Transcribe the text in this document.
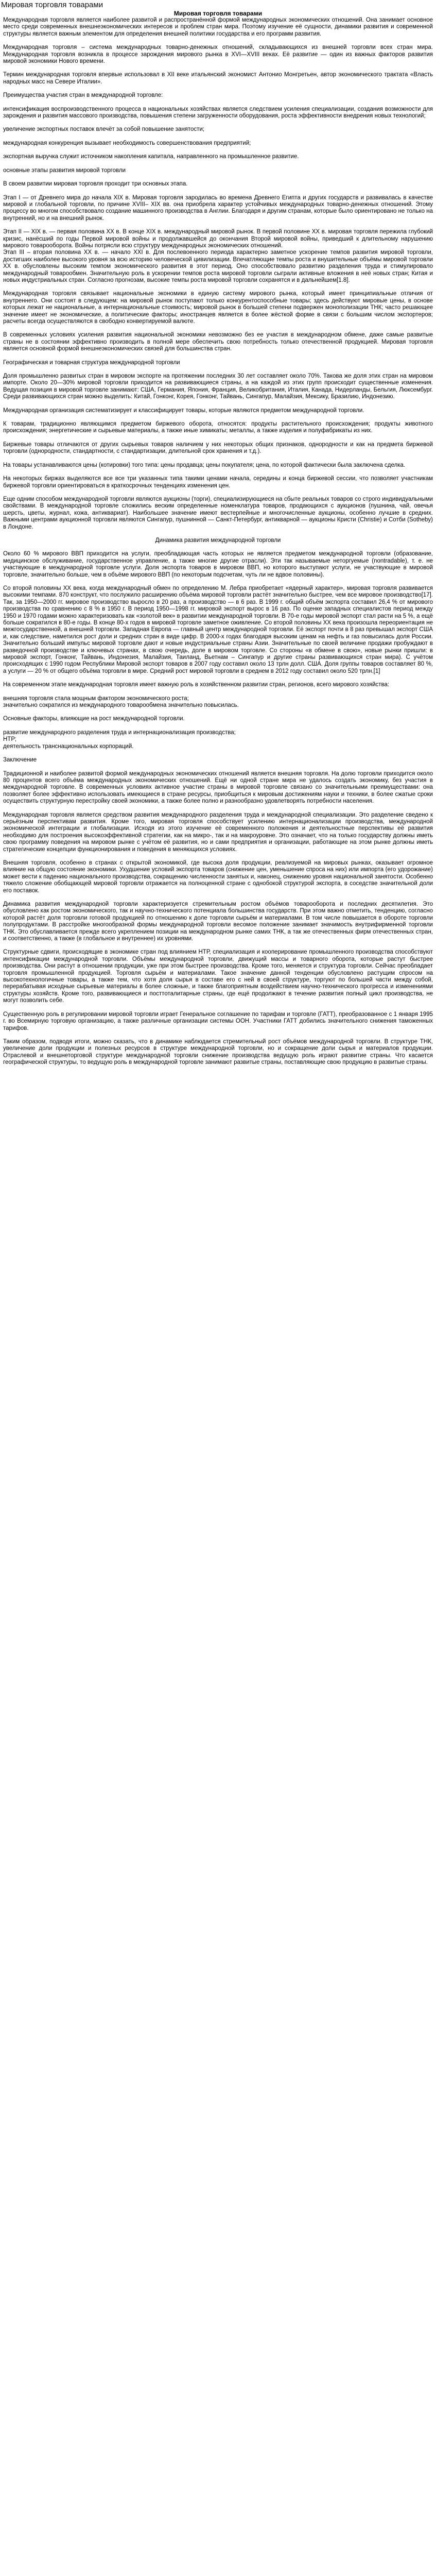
Мировая торговля товарами
Мировая торговля товарами

Международная торговля является наиболее развитой и распространённой формой международных экономических отношений. Она занимает основное место среди современных внешнеэкономических интересов и проблем стран мира. Поэтому изучение её сущности, динамики развития и современной структуры является важным элементом для определения внешней политики государства и его программ развития.

Международная торговля – система международных товарно-денежных отношений, складывающихся из внешней торговли всех стран мира. Международная торговля возникла в процессе зарождения мирового рынка в XVI—XVIII веках. Её развитие — один из важных факторов развития мировой экономики Нового времени.

Термин международная торговля впервые использовал в XII веке итальянский экономист Антонио Монгретьен, автор экономического трактата «Власть народных масс на Севере Италии».

Преимущества участия стран в международной торговле:

интенсификация воспроизводственного процесса в национальных хозяйствах является следствием усиления специализации, создания возможности для зарождения и развития массового производства, повышения степени загруженности оборудования, роста эффективности внедрения новых технологий;

увеличение экспортных поставок влечёт за собой повышение занятости;

международная конкуренция вызывает необходимость совершенствования предприятий;

экспортная выручка служит источником накопления капитала, направленного на промышленное развитие.

основные этапы развития мировой торговли

В своем развитии мировая торговля проходит три основных этапа.

Этап I — от Древнего мира до начала XIX в. Мировая торговля зародилась во времена Древнего Египта и других государств и развивалась в качестве мировой и глобальной торговли, по причине XVIII– XIX вв. она приобрела характер устойчивых международных товарно-денежных отношений. Этому процессу во многом способствовало создание машинного производства в Англии. Благодаря и другим странам, которые было ориентировано не только на внутренний, но и на внешний рынок.

Этап II — XIX в. — первая половина XX в. В конце XIX в. международный мировой рынок. В первой половине XX в. мировая торговля пережила глубокий кризис, нанёсший по годы Первой мировой войны и продолжавшейся до окончания Второй мировой войны, приведший к длительному нарушению мирового товарооборота. Войны потрясли всю структуру международных экономических отношений.

Этап III – вторая половина XX в. — начало XXI в. Для послевоенного периода характерно заметное ускорение темпов развития мировой торговли, достигших наиболее высокого уровня за всю историю человеческой цивилизации. Впечатляющие темпы роста и внушительные объёмы мировой торговли XX в. обусловлены высоким темпом экономического развития в этот период. Оно способствовало развитию разделения труда и стимулировало международный товарообмен. Значительную роль в ускорении темпов роста мировой торговли сыграли активные вложения в неё новых стран; Китая и новых индустриальных стран. Согласно прогнозам, высокие темпы роста мировой торговли сохранятся и в дальнейшем[1.8].

Международная торговля связывает национальные экономики в единую систему мирового рынка, который имеет принципиальные отличия от внутреннего. Они состоят в следующем: на мировой рынок поступают только конкурентоспособные товары; здесь действуют мировые цены, в основе которых лежат не национальные, а интернациональные стоимость; мировой рынок в большей степени подвержен монополизации ТНК; часто решающее значение имеет не экономические, а политические факторы; иностранцев является в более жёсткой форме в связи с большим числом экспортеров; расчеты всегда осуществляются в свободно конвертируемой валюте.

В современных условиях усиления развития национальной экономики невозможно без ее участия в международном обмене, даже самые развитые страны не в состоянии эффективно производить в полной мере обеспечить свою потребность только отечественной продукцией. Мировая торговля является основной формой внешнеэкономических связей для большинства стран.

Географическая и товарная структура международной торговли

Доля промышленно развитых стран в мировом экспорте на протяжении последних 30 лет составляет около 70%. Такова же доля этих стран на мировом импорте. Около 20—30% мировой торговли приходится на развивающиеся страны, а на каждой из этих групп происходит существенные изменения. Ведущая позиция в мировой торговле занимают: США, Германия, Япония, Франция, Великобритания, Италия, Канада, Нидерланды, Бельгия, Люксембург. Среди развивающихся стран можно выделить: Китай, Гонконг, Корея, Гонконг, Тайвань, Сингапур, Малайзия, Мексику, Бразилию, Индонезию.

Международная организация систематизирует и классифицирует товары, которые являются предметом международной торговли.

К товарам, традиционно являющимся предметом биржевого оборота, относятся: продукты растительного происхождения; продукты животного происхождения; энергетические и сырьевые материалы, а также иные химикаты; металлы, а также изделия и полуфабрикаты из них.

Биржевые товары отличаются от других сырьевых товаров наличием у них некоторых общих признаков, однородности и как на предмета биржевой торговли (однородности, стандартности, с стандартизации, длительной срок хранения и т.д.).

На товары устанавливаются цены (котировки) того типа: цены продавца; цены покупателя; цена, по которой фактически была заключена сделка.

На некоторых биржах выделяются все все три указанных типа такими ценами начала, середины и конца биржевой сессии, что позволяет участникам биржевой торговли ориентироваться в краткосрочных тенденциях изменения цен.

Еще одним способом международной торговли являются аукционы (торги), специализирующиеся на сбыте реальных товаров со строго индивидуальными свойствами. В международной торговле сложились веским определенные номенклатура товаров, продающихся с аукционов (пушнина, чай, овечья шерсть, цветы, журнал, кожа, антиквариат). Наибольшее значение имеют вестерпейные и многочисленные аукционы, особенно лучшие в средних. Важными центрами аукционной торговли являются Сингапур, пушнинной — Санкт-Петербург, антикварной — аукционы Кристи (Christie) и Сотби (Sotheby) в Лондоне.

Динамика развития международной торговли

Около 60 % мирового ВВП приходится на услуги, преобладающая часть которых не является предметом международной торговли (образование, медицинское обслуживание, государственное управление, а также многие другие отрасли). Эти так называемые неторгуемые (nontradable), т. е. не участвующие в международной торговле услуги. Доля экспорта товаров в мировом ВВП, но которого выступают услуги, не участвующие в мировой торговле, значительно больше, чем в объёме мирового ВВП (по некоторым подсчетам, чуть ли не вдвое половины).

Со второй половины XX века, когда международный обмен по определению М. Лебра приобретает «ядерный характер», мировая торговля развивается высокими темпами. 870 конструкт, что послужило расширению объёма мировой торговли растёт значительно быстрее, чем все мировое производство[17]. Так, за 1950—2000 гг. мировое производство выросло в 20 раз, а производство — в 6 раз. В 1999 г. общий объём экспорта составил 26,4 % от мирового производства по сравнению с 8 % в 1950 г. В период 1950—1998 гг. мировой экспорт вырос в 16 раз. По оценке западных специалистов период между 1950 и 1970 годами можно характеризовать как «золотой век» в развитии международной торговли. В 70-е годы мировой экспорт стал расти на 5 %, а ещё больше сократился в 80-е годы. В конце 80-х годов в мировой торговле заметное оживление. Со второй половины XX века произошла переориентация не межгосударственной, а внешней торговли. Западная Европа — главный центр международной торговли. Её экспорт почти в 8 раз превышал экспорт США и, как следствие, наметился рост доли и средних стран в виде цифр. В 2000-х годах благодаря высоким ценам на нефть и газ повысилась доля России. Значительно больший импульс мировой торговле дают и новые индустриальные страны Азии. Значительные по своей величине продажи пробуждают в разведочной производстве и ключевых странах, в свою очередь, доле в мировом торговле. Со стороны «в обмене в свою», новые рынки пришли: в мировой экспорт, Гонконг, Тайвань, Индонезия, Малайзия, Таиланд, Вьетнам – Сингапур и другие страны развивающихся стран мира). С учётом происходящих с 1990 годом Республики Мировой экспорт товаров в 2007 году составил около 13 трлн долл. США. Доля группы товаров составляет 80 %, а услуги — 20 % от общего объёма торговли в мире. Средний рост мировой торговли в среднем в 2012 году составил около 520 трлн.[1]

На современном этапе международная торговля имеет важную роль в хозяйственном развитии стран, регионов, всего мирового хозяйства:

внешняя торговля стала мощным фактором экономического роста;

значительно сократился из международного товарообмена значительно повысилась.

Основные факторы, влияющие на рост международной торговли.

развитие международного разделения труда и интернационализация производства;

НТР;

деятельность транснациональных корпораций.

Заключение

Традиционной и наиболее развитой формой международных экономических отношений является внешняя торговля. На долю торговли приходится около 80 процентов всего объёма международных экономических отношений. Ещё ни одной стране мира не удалось создать экономику, без участия в международной торговле. В современных условиях активное участие страны в мировой торговле связано со значительными преимуществами: она позволяет более эффективно использовать имеющиеся в стране ресурсы, приобщиться к мировым достижениям науки и техники, в более сжатые сроки осуществить структурную перестройку своей экономики, а также более полно и разнообразно удовлетворять потребности населения.

Международная торговля является средством развития международного разделения труда и международной специализации. Это разделение сведено к серьёзным перспективам развития. Кроме того, мировая торговля способствует усилению интернационализации производства, международной экономической интеграции и глобализации. Исходя из этого изучение её современного положения и деятельностные перспективы её развития необходимо для построения высокоэффективной стратегии, как на микро-, так и на макроуровне. Это означает, что на только государству должны иметь свою программу поведения на мировом рынке с учётом её развития, но и сами предприятия и организации, работающие на этом рынке должны иметь стратегические концепции функционирования и поведения в меняющихся условиях.

Внешняя торговля, особенно в странах с открытой экономикой, где высока доля продукции, реализуемой на мировых рынках, оказывает огромное влияние на общую состояние экономики. Ухудшение условий экспорта товаров (снижение цен, уменьшение спроса на них) или импорта (его удорожание) может вести к падению национального производства, сокращению численности занятых и, наконец, снижению уровня национальной занятости. Особенно тяжело сложение обобщающей мировой торговли отражается на полноценной стране с однобокой структурой экспорта, в соседстве значительной доли его поставок.

Динамика развития международной торговли характеризуется стремительным ростом объёмов товарооборота и последних десятилетия. Это обусловлено как ростом экономического, так и научно-технического потенциала большинства государств. При этом важно отметить, тенденцию, согласно которой растёт доля торговли готовой продукцией по отношению к доле торговли сырьём и материалами. В том числе повышается в обороте торговли полупродуктами. В расстройке многообразной формы международной торговли весомое положение занимает значимость внутрифирменной торговли ТНК. Это обуславливается прежде всего укреплением позиции на международном рынке самих ТНК, а так же отечественных фирм отечественных стран, и соответственно, а также (в глобальное и внутреннее) их уровнями.

Структурные сдвиги, происходящие в экономике стран под влиянием НТР, специализация и кооперирование промышленного производства способствуют интенсификации международной торговли. Объёмы международной торговли, движущий массы и товарного оборота, которые растут быстрее производства. Они растут в отношении продукции, уже при этом быстрее производства. Кроме того, меняется и структура торговли. Сейчас преобладает торговля промышленной продукцией. Торговля сырьём и материалами. Такое значение данной тенденции обусловлено растущим спросом на высокотехнологичные товары, а также тем, что хотя доля сырья в составе его с ней в своей структуре, торгуют по большей части между собой, перерабатывая исходные сырьевые материалы в более сложные, и также благоприятным воздействием научно-технического прогресса и изменениями структуры хозяйств. Кроме того, развивающиеся и посттоталитарные страны, где ещё продолжают в течение развития полный цикл производства, не могут позволить себе.

Существенную роль в регулировании мировой торговли играет Генеральное соглашение по тарифам и торговле (ГАТТ), преобразованное с 1 января 1995 г. во Всемирную торговую организацию, а также различные организации системы ООН. Участники ГАТТ добились значительного снижения таможенных тарифов.

Таким образом, подводя итоги, можно сказать, что в динамике наблюдается стремительный рост объёмов международной торговли. В структуре ТНК, увеличение доли продукции и полезных ресурсов в структуре международной торговли, но и сокращение доли сырья и материалов продукции. Отраслевой и внешнеторговой структуре международной торговли снижение производства ведущую роль играют развитие страны. Что касается географической структуры, то ведущую роль в международной торговле занимают развитые страны, поставляющие свою продукцию в развитые страны.
